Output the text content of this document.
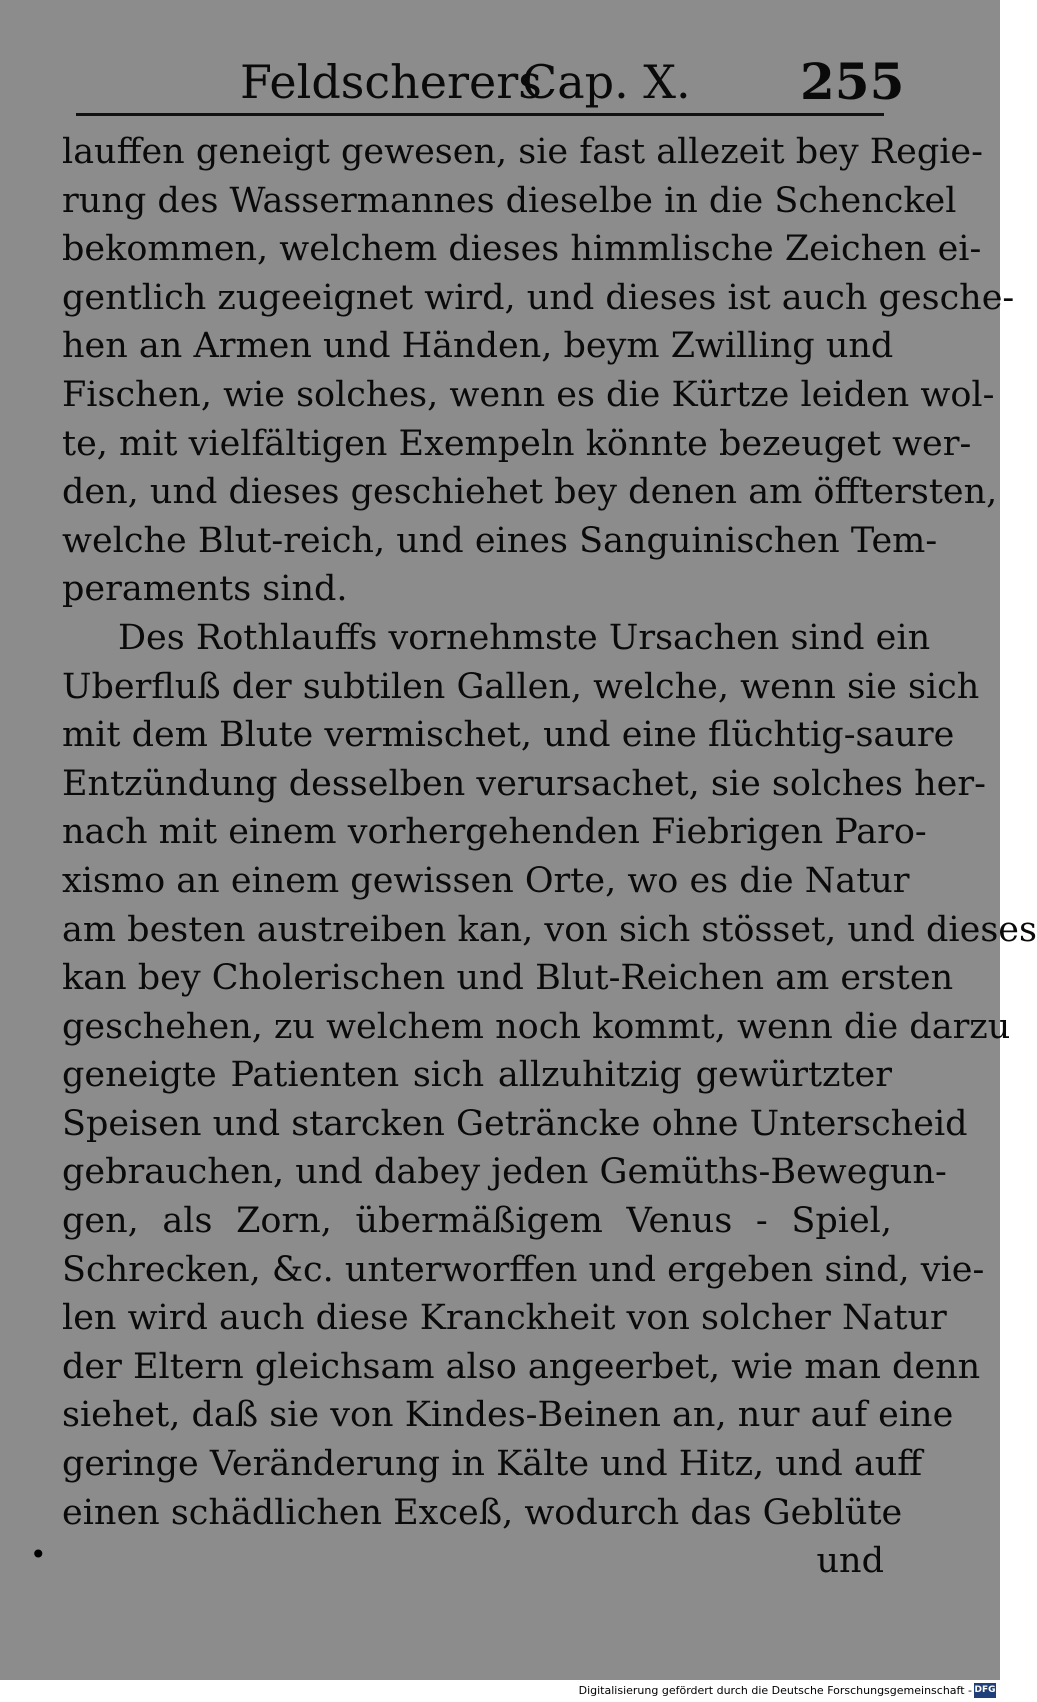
Feldscherers
Cap. X. 255
lauffen geneigt gewesen, sie fast allezeit bey Regie-
rung des Wassermannes dieselbe in die Schenckel
bekommen, welchem dieses himmlische Zeichen ei-
gentlich zugeeignet wird, und dieses ist auch gesche-
hen an Armen und Händen, beym Zwilling und
Fischen, wie solches, wenn es die Kürtze leiden wol-
te, mit vielfältigen Exempeln könnte bezeuget wer-
den, und dieses geschiehet bey denen am öfftersten,
welche Blut-reich, und eines Sanguinischen Tem-
peraments sind.
Des Rothlauffs vornehmste Ursachen sind ein
Uberfluß der subtilen Gallen, welche, wenn sie sich
mit dem Blute vermischet, und eine flüchtig-saure
Entzündung desselben verursachet, sie solches her-
nach mit einem vorhergehenden Fiebrigen Paro-
xismo an einem gewissen Orte, wo es die Natur
am besten austreiben kan, von sich stösset, und dieses
kan bey Cholerischen und Blut-Reichen am ersten
geschehen, zu welchem noch kommt, wenn die darzu
geneigte Patienten sich allzuhitzig gewürtzter
Speisen und starcken Geträncke ohne Unterscheid
gebrauchen, und dabey jeden Gemüths-Bewegun-
gen, als Zorn, übermäßigem Venus - Spiel,
Schrecken, &c. unterworffen und ergeben sind, vie-
len wird auch diese Kranckheit von solcher Natur
der Eltern gleichsam also angeerbet, wie man denn
siehet, daß sie von Kindes-Beinen an, nur auf eine
geringe Veränderung in Kälte und Hitz, und auff
einen schädlichen Exceß, wodurch das Geblüte
und
•
Digitalisierung gefördert durch die Deutsche Forschungsgemeinschaft - DFG
